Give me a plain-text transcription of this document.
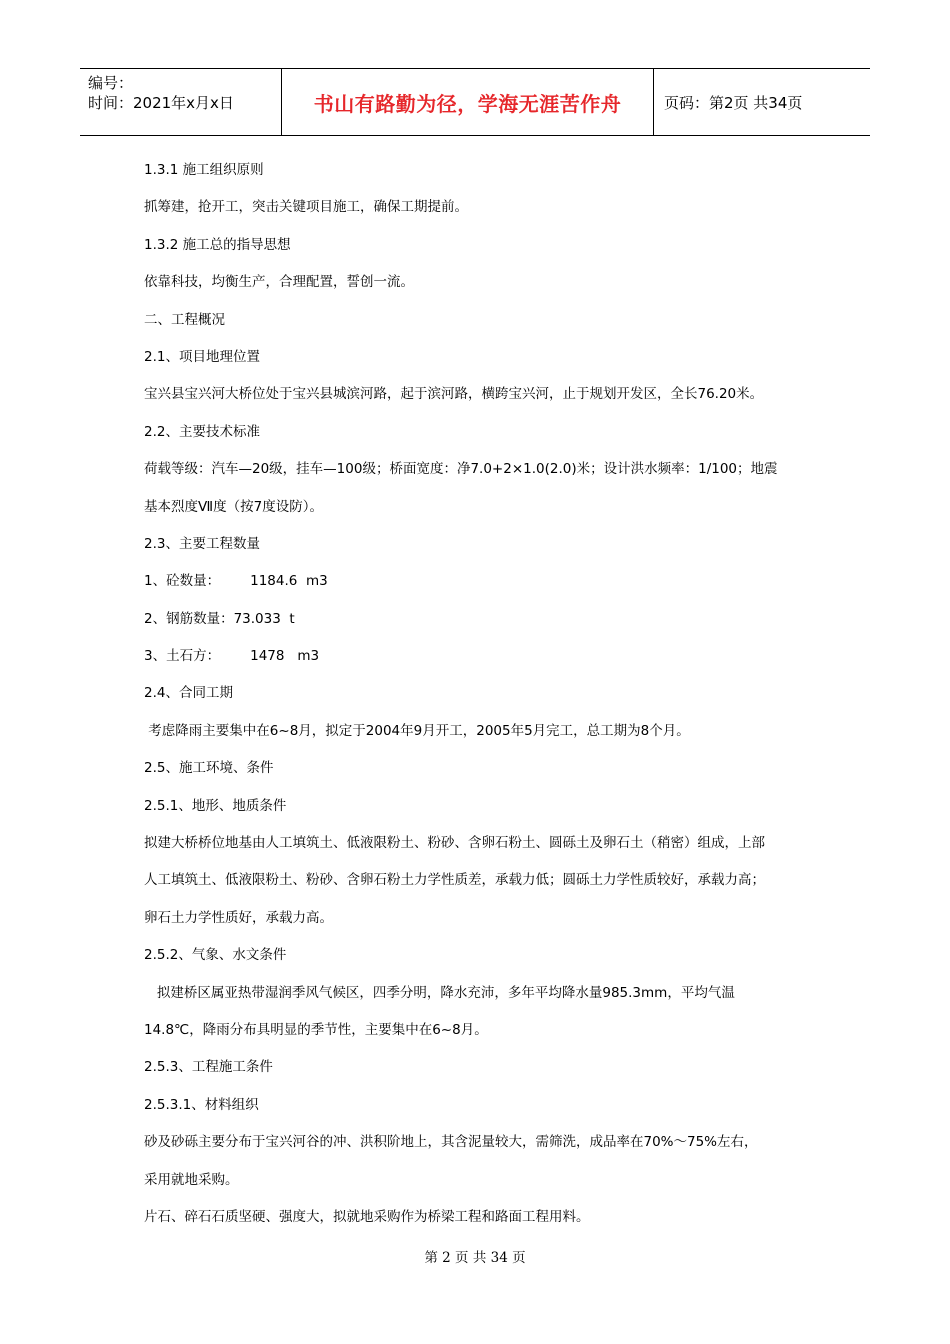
编号：
时间：2021年x月x日	书山有路勤为径，学海无涯苦作舟	页码：第2页 共34页
1.3.1 施工组织原则
抓筹建，抢开工，突击关键项目施工，确保工期提前。
1.3.2 施工总的指导思想
依靠科技，均衡生产，合理配置，誓创一流。
二、工程概况
2.1、项目地理位置
宝兴县宝兴河大桥位处于宝兴县城滨河路，起于滨河路，横跨宝兴河，止于规划开发区，全长76.20米。
2.2、主要技术标准
荷载等级：汽车—20级，挂车—100级；桥面宽度：净7.0+2×1.0(2.0)米；设计洪水频率：1/100；地震
基本烈度Ⅶ度（按7度设防）。
2.3、主要工程数量
1、砼数量：       1184.6  m3
2、钢筋数量：73.033  t
3、土石方：       1478   m3
2.4、合同工期
考虑降雨主要集中在6~8月，拟定于2004年9月开工，2005年5月完工，总工期为8个月。
2.5、施工环境、条件
2.5.1、地形、地质条件
拟建大桥桥位地基由人工填筑土、低液限粉土、粉砂、含卵石粉土、圆砾土及卵石土（稍密）组成，上部
人工填筑土、低液限粉土、粉砂、含卵石粉土力学性质差，承载力低；圆砾土力学性质较好，承载力高；
卵石土力学性质好，承载力高。
2.5.2、气象、水文条件
拟建桥区属亚热带湿润季风气候区，四季分明，降水充沛，多年平均降水量985.3mm，平均气温
14.8℃，降雨分布具明显的季节性，主要集中在6~8月。
2.5.3、工程施工条件
2.5.3.1、材料组织
砂及砂砾主要分布于宝兴河谷的冲、洪积阶地上，其含泥量较大，需筛洗，成品率在70%～75%左右，
采用就地采购。
片石、碎石石质坚硬、强度大，拟就地采购作为桥梁工程和路面工程用料。
第 2 页 共 34 页
